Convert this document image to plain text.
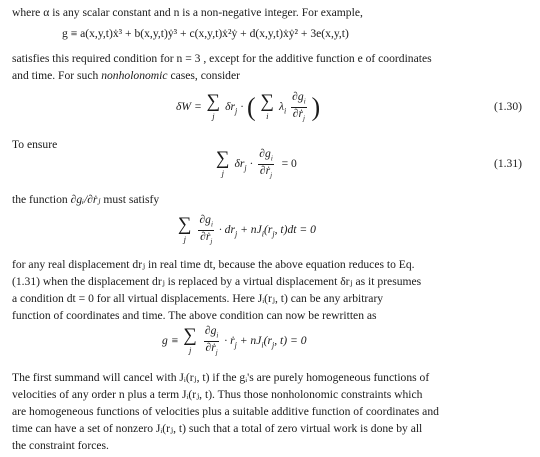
where α is any scalar constant and n is a non-negative integer. For example,
g ≡ a(x,y,t)ẋ³ + b(x,y,t)ẏ³ + c(x,y,t)ẋ²ẏ + d(x,y,t)ẋẏ² + 3e(x,y,t)
satisfies this required condition for n = 3 , except for the additive function e of coordinates
and time. For such nonholonomic cases, consider
δW = ∑
j
$\delta r_j$ · ( ∑
i
$\lambda_i \frac{\partial g_i}{\partial ṙ_j}$ )	(1.30)
To ensure
∑
j
$\delta r_j \cdot \frac{\partial g_i}{\partial ṙ_j} = 0$	(1.31)
the function ∂gᵢ/∂ṙⱼ must satisfy
∑
j
	$\frac{\partial g_i}{\partial ṙ_j} \cdot dr_j + nJ_i(r_j$, t)dt = 0
for any real displacement drⱼ in real time dt, because the above equation reduces to Eq.
(1.31) when the displacement drⱼ is replaced by a virtual displacement δrⱼ as it presumes
a condition dt = 0 for all virtual displacements. Here Jᵢ(rⱼ, t) can be any arbitrary
function of coordinates and time. The above condition can now be rewritten as
g ≡ ∑
j
	$\frac{\partial g_i}{\partial ṙ_j}$ · ṙ$_j$ + $nJ_i(r_j$, t) = 0
The first summand will cancel with Jᵢ(rⱼ, t) if the gᵢ's are purely homogeneous functions of
velocities of any order n plus a term Jᵢ(rⱼ, t). Thus those nonholonomic constraints which
are homogeneous functions of velocities plus a suitable additive function of coordinates and
time can have a set of nonzero Jᵢ(rⱼ, t) such that a total of zero virtual work is done by all
the constraint forces.
